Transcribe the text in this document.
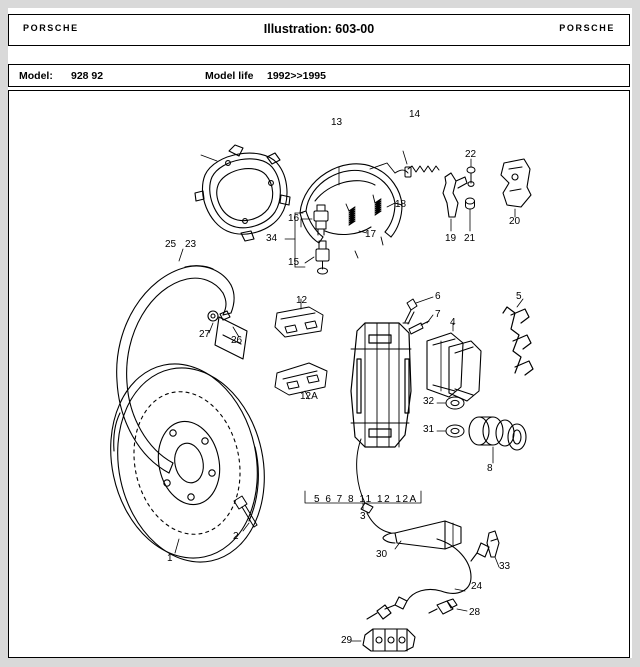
PORSCHE	Illustration: 603-00	PORSCHE
Model: 928 92	Model life 1992>>1995
23
13
14
22
20
18
16
34	17
15
19 21
25
27
26
12	6
7
4
5
12A	32
31
8
2
1
3
30
33
24
28
29
5 6 7 8 11 12 12A
